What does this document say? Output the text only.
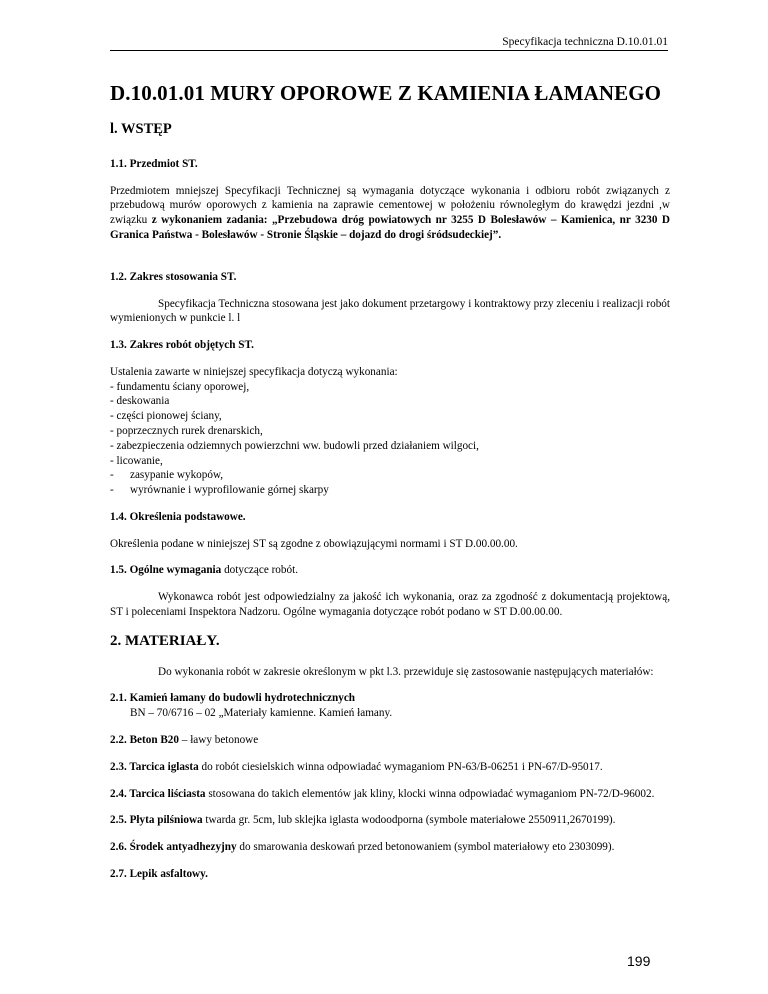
Specyfikacja techniczna D.10.01.01
D.10.01.01 MURY OPOROWE Z KAMIENIA ŁAMANEGO
l. WSTĘP
1.1. Przedmiot ST.

Przedmiotem mniejszej Specyfikacji Technicznej są wymagania dotyczące wykonania i odbioru robót związanych z przebudową murów oporowych z kamienia na zaprawie cementowej w położeniu równoległym do krawędzi jezdni ,w związku z wykonaniem zadania: „Przebudowa dróg powiatowych nr 3255 D Bolesławów – Kamienica, nr 3230 D Granica Państwa - Bolesławów - Stronie Śląskie – dojazd do drogi śródsudeckiej”.

1.2. Zakres stosowania ST.

Specyfikacja Techniczna stosowana jest jako dokument przetargowy i kontraktowy przy zleceniu i realizacji robót wymienionych w punkcie l. l

1.3. Zakres robót objętych ST.
Ustalenia zawarte w niniejszej specyfikacja dotyczą wykonania:
- fundamentu ściany oporowej,
- deskowania
- części pionowej ściany,
- poprzecznych rurek drenarskich,
- zabezpieczenia odziemnych powierzchni ww. budowli przed działaniem wilgoci,
- licowanie,
- zasypanie wykopów,
- wyrównanie i wyprofilowanie górnej skarpy
1.4. Określenia podstawowe.

Określenia podane w niniejszej ST są zgodne z obowiązującymi normami i ST D.00.00.00.

1.5. Ogólne wymagania dotyczące robót.

Wykonawca robót jest odpowiedzialny za jakość ich wykonania, oraz za zgodność z dokumentacją projektową, ST i poleceniami Inspektora Nadzoru. Ogólne wymagania dotyczące robót podano w ST D.00.00.00.

2. MATERIAŁY.

Do wykonania robót w zakresie określonym w pkt l.3. przewiduje się zastosowanie następujących materiałów:

2.1. Kamień łamany do budowli hydrotechnicznych
BN – 70/6716 – 02 „Materiały kamienne. Kamień łamany.

2.2. Beton B20 – ławy betonowe

2.3. Tarcica iglasta do robót ciesielskich winna odpowiadać wymaganiom PN-63/B-06251 i PN-67/D-95017.

2.4. Tarcica liściasta stosowana do takich elementów jak kliny, klocki winna odpowiadać wymaganiom PN-72/D-96002.

2.5. Płyta pilśniowa twarda gr. 5cm, lub sklejka iglasta wodoodporna (symbole materiałowe 2550911,2670199).

2.6. Środek antyadhezyjny do smarowania deskowań przed betonowaniem (symbol materiałowy eto 2303099).

2.7. Lepik asfaltowy.

199
